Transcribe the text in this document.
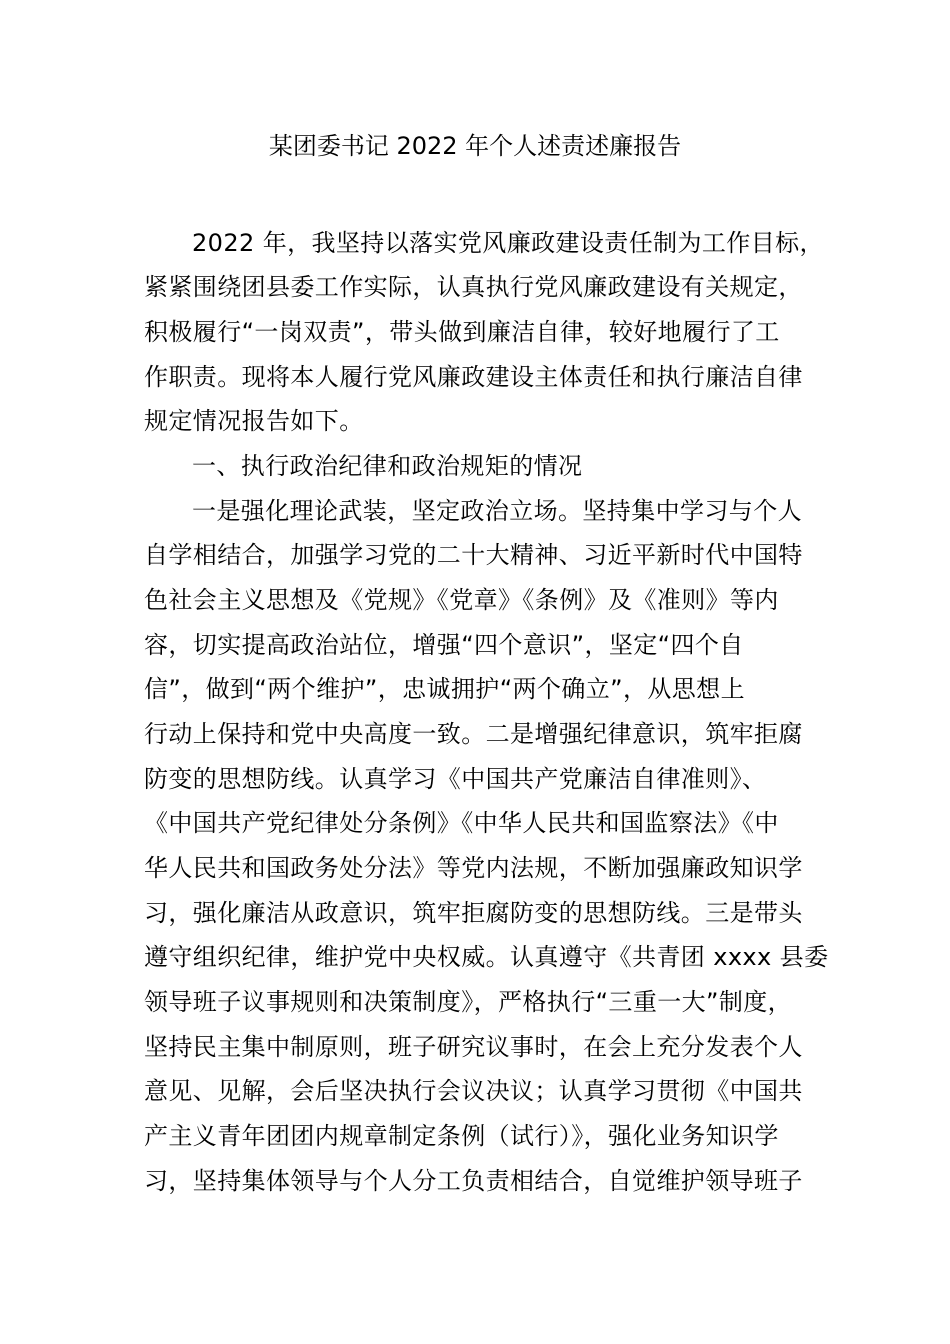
某团委书记 2022 年个人述责述廉报告
2022 年，我坚持以落实党风廉政建设责任制为工作目标，
紧紧围绕团县委工作实际，认真执行党风廉政建设有关规定，
积极履行“一岗双责”，带头做到廉洁自律，较好地履行了工
作职责。现将本人履行党风廉政建设主体责任和执行廉洁自律
规定情况报告如下。
一、执行政治纪律和政治规矩的情况
一是强化理论武装，坚定政治立场。坚持集中学习与个人
自学相结合，加强学习党的二十大精神、习近平新时代中国特
色社会主义思想及《党规》《党章》《条例》及《准则》等内
容，切实提高政治站位，增强“四个意识”，坚定“四个自
信”，做到“两个维护”，忠诚拥护“两个确立”，从思想上
行动上保持和党中央高度一致。二是增强纪律意识，筑牢拒腐
防变的思想防线。认真学习《中国共产党廉洁自律准则》、
《中国共产党纪律处分条例》《中华人民共和国监察法》《中
华人民共和国政务处分法》等党内法规，不断加强廉政知识学
习，强化廉洁从政意识，筑牢拒腐防变的思想防线。三是带头
遵守组织纪律，维护党中央权威。认真遵守《共青团 xxxx 县委
领导班子议事规则和决策制度》，严格执行“三重一大”制度，
坚持民主集中制原则，班子研究议事时，在会上充分发表个人
意见、见解，会后坚决执行会议决议；认真学习贯彻《中国共
产主义青年团团内规章制定条例（试行）》，强化业务知识学
习，坚持集体领导与个人分工负责相结合，自觉维护领导班子
